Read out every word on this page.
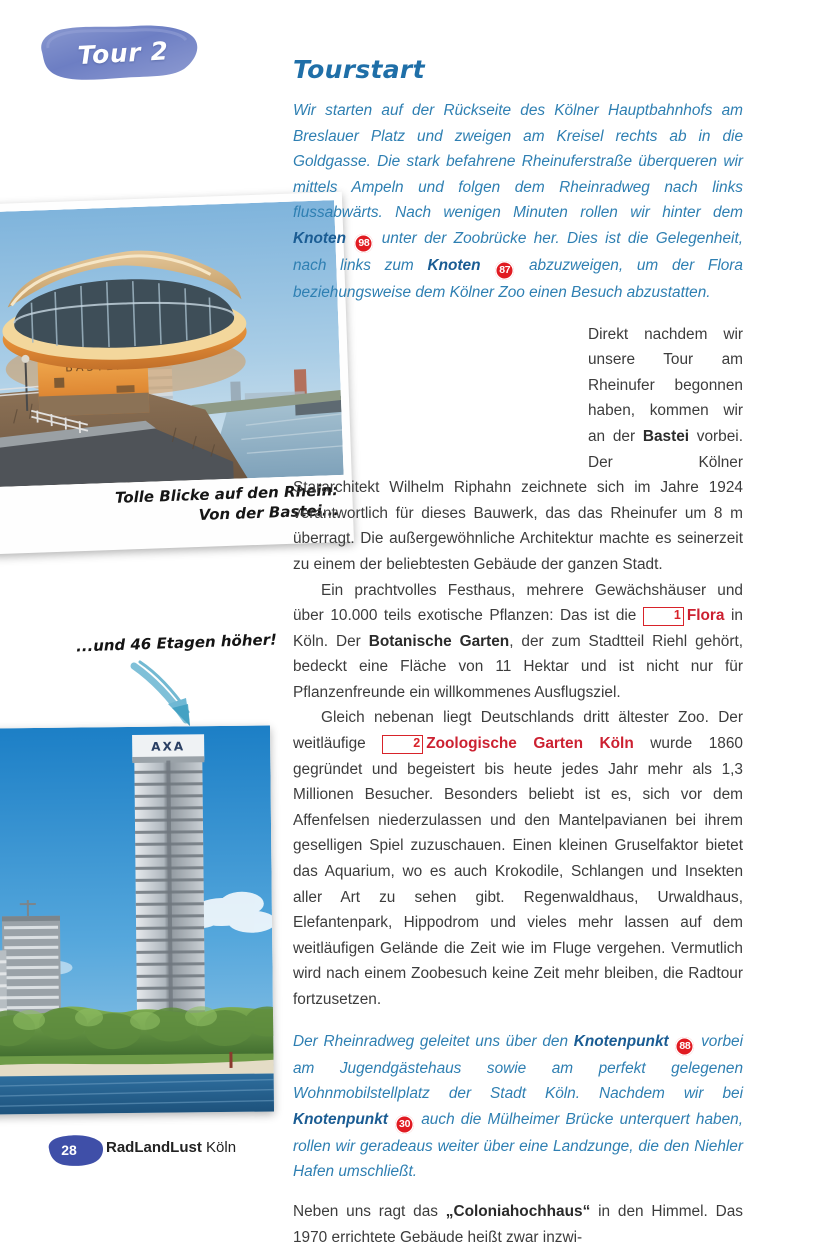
Tour 2
Tolle Blicke auf den Rhein:
Von der Bastei...
...und 46 Etagen höher!
AXA
Tourstart

Wir starten auf der Rückseite des Kölner Hauptbahnhofs am Breslauer Platz und zweigen am Kreisel rechts ab in die Goldgasse. Die stark befahrene Rheinuferstraße überqueren wir mittels Ampeln und folgen dem Rheinradweg nach links flussabwärts. Nach wenigen Minuten rollen wir hinter dem Knoten 98 unter der Zoobrücke her. Dies ist die Gelegenheit, nach links zum Knoten 87 abzuzweigen, um der Flora beziehungsweise dem Kölner Zoo einen Besuch abzustatten.

Direkt nachdem wir unsere Tour am Rheinufer begonnen haben, kommen wir an der Bastei vorbei. Der Kölner Stararchitekt Wilhelm Riphahn zeichnete sich im Jahre 1924 verantwortlich für dieses Bauwerk, das das Rheinufer um 8 m überragt. Die außergewöhnliche Architektur machte es seinerzeit zu einem der beliebtesten Gebäude der ganzen Stadt.

Ein prachtvolles Festhaus, mehrere Gewächshäuser und über 10.000 teils exotische Pflanzen: Das ist die 1 Flora in Köln. Der Botanische Garten, der zum Stadtteil Riehl gehört, bedeckt eine Fläche von 11 Hektar und ist nicht nur für Pflanzenfreunde ein willkommenes Ausflugsziel.

Gleich nebenan liegt Deutschlands dritt ältester Zoo. Der weitläufige 2 Zoologische Garten Köln wurde 1860 gegründet und begeistert bis heute jedes Jahr mehr als 1,3 Millionen Besucher. Besonders beliebt ist es, sich vor dem Affenfelsen niederzulassen und den Mantelpavianen bei ihrem geselligen Spiel zuzuschauen. Einen kleinen Gruselfaktor bietet das Aquarium, wo es auch Krokodile, Schlangen und Insekten aller Art zu sehen gibt. Regenwaldhaus, Urwaldhaus, Elefantenpark, Hippodrom und vieles mehr lassen auf dem weitläufigen Gelände die Zeit wie im Fluge vergehen. Vermutlich wird nach einem Zoobesuch keine Zeit mehr bleiben, die Radtour fortzusetzen.

Der Rheinradweg geleitet uns über den Knotenpunkt 88 vorbei am Jugendgästehaus sowie am perfekt gelegenen Wohnmobilstellplatz der Stadt Köln. Nachdem wir bei Knotenpunkt 30 auch die Mülheimer Brücke unterquert haben, rollen wir geradeaus weiter über eine Landzunge, die den Niehler Hafen umschließt.

Neben uns ragt das „Coloniahochhaus“ in den Himmel. Das 1970 errichtete Gebäude heißt zwar inzwi-

28	RadLandLust Köln
